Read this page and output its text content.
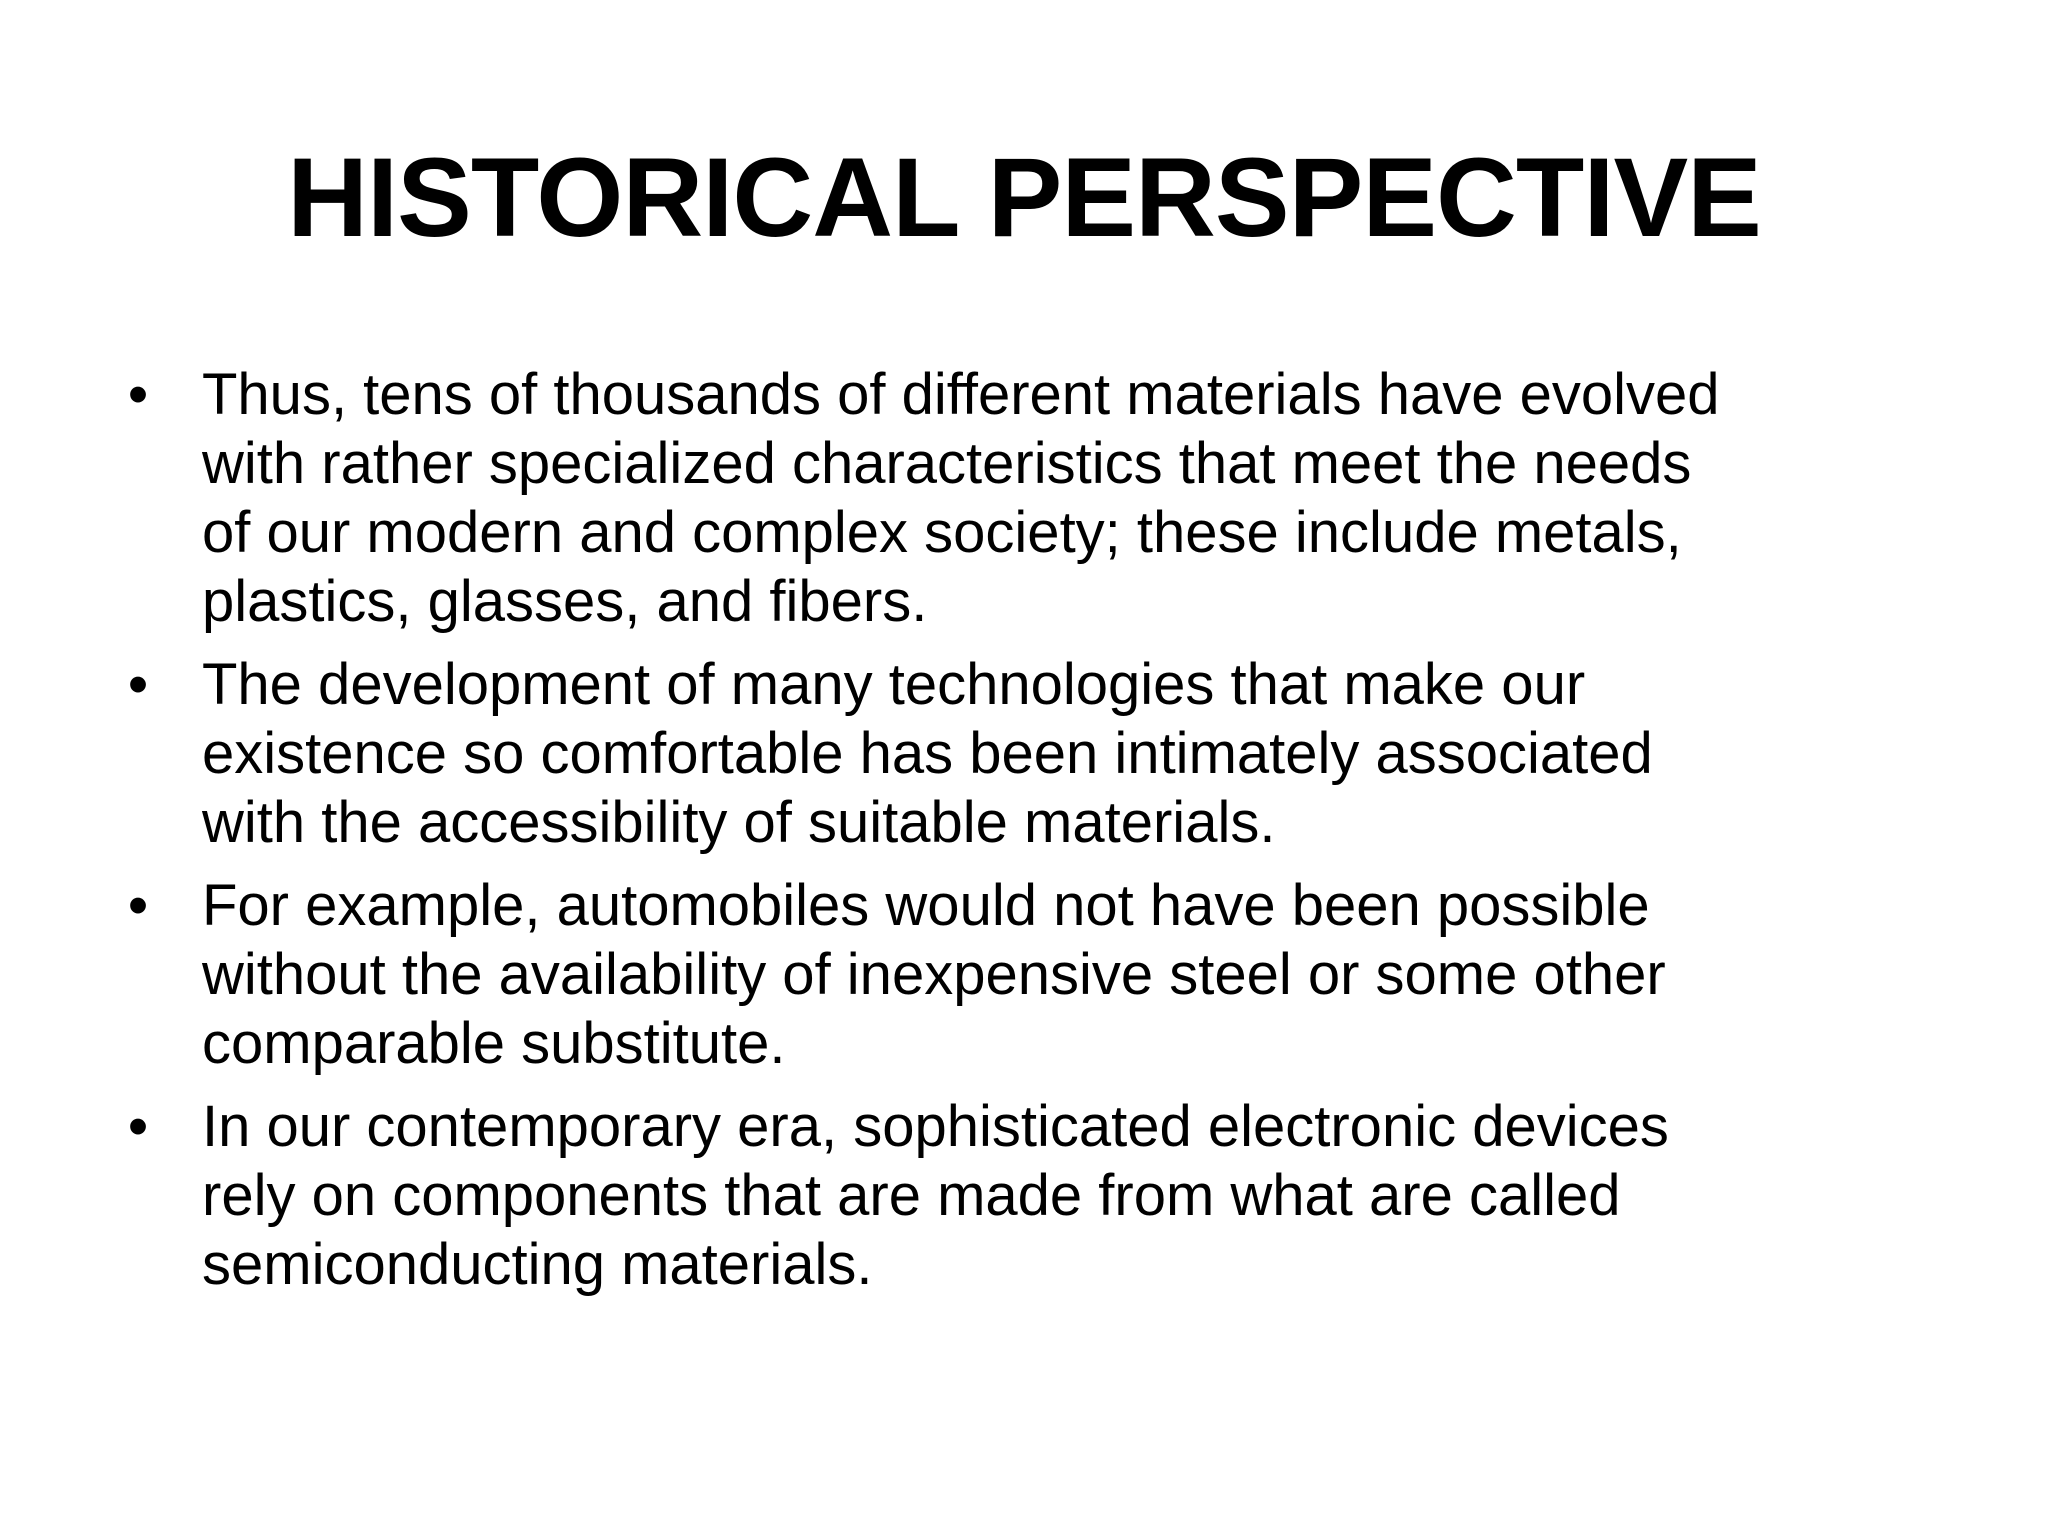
HISTORICAL PERSPECTIVE
• Thus, tens of thousands of different materials have evolved
with rather specialized characteristics that meet the needs
of our modern and complex society; these include metals,
plastics, glasses, and fibers.
• The development of many technologies that make our
existence so comfortable has been intimately associated
with the accessibility of suitable materials.
• For example, automobiles would not have been possible
without the availability of inexpensive steel or some other
comparable substitute.
• In our contemporary era, sophisticated electronic devices
rely on components that are made from what are called
semiconducting materials.
